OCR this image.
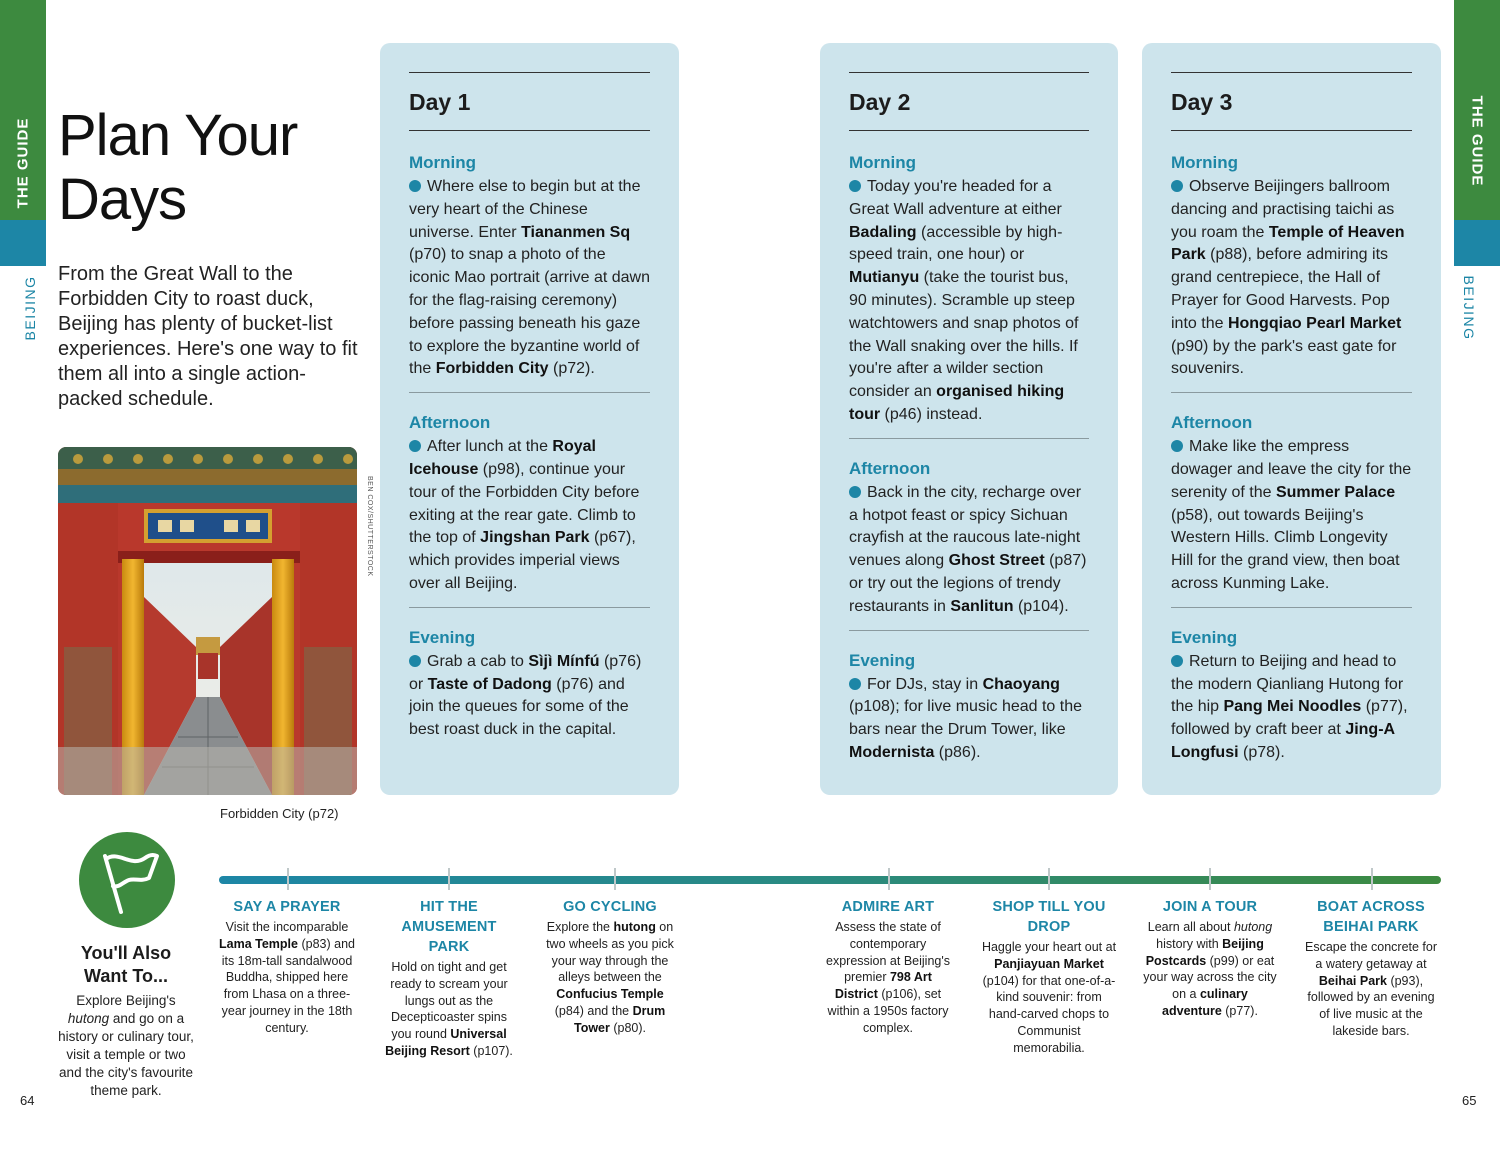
THE GUIDE
BEIJING
THE GUIDE
BEIJING
Plan Your
Days

From the Great Wall to the Forbidden City to roast duck, Beijing has plenty of bucket-list experiences. Here's one way to fit them all into a single action-packed schedule.

BEN COX/SHUTTERSTOCK
Forbidden City (p72)
Day 1
Morning
Where else to begin but at the very heart of the Chinese universe. Enter Tiananmen Sq (p70) to snap a photo of the iconic Mao portrait (arrive at dawn for the flag-raising ceremony) before passing beneath his gaze to explore the byzantine world of the Forbidden City (p72).
Afternoon
After lunch at the Royal Icehouse (p98), continue your tour of the Forbidden City before exiting at the rear gate. Climb to the top of Jingshan Park (p67), which provides imperial views over all Beijing.
Evening
Grab a cab to Sìjì Mínfú (p76) or Taste of Dadong (p76) and join the queues for some of the best roast duck in the capital.
Day 2
Morning
Today you're headed for a Great Wall adventure at either Badaling (accessible by high-speed train, one hour) or Mutianyu (take the tourist bus, 90 minutes). Scramble up steep watchtowers and snap photos of the Wall snaking over the hills. If you're after a wilder section consider an organised hiking tour (p46) instead.
Afternoon
Back in the city, recharge over a hotpot feast or spicy Sichuan crayfish at the raucous late-night venues along Ghost Street (p87) or try out the legions of trendy restaurants in Sanlitun (p104).
Evening
For DJs, stay in Chaoyang (p108); for live music head to the bars near the Drum Tower, like Modernista (p86).
Day 3
Morning
Observe Beijingers ballroom dancing and practising taichi as you roam the Temple of Heaven Park (p88), before admiring its grand centrepiece, the Hall of Prayer for Good Harvests. Pop into the Hongqiao Pearl Market (p90) by the park's east gate for souvenirs.
Afternoon
Make like the empress dowager and leave the city for the serenity of the Summer Palace (p58), out towards Beijing's Western Hills. Climb Longevity Hill for the grand view, then boat across Kunming Lake.
Evening
Return to Beijing and head to the modern Qianliang Hutong for the hip Pang Mei Noodles (p77), followed by craft beer at Jing-A Longfusi (p78).
You'll Also Want To...
Explore Beijing's hutong and go on a history or culinary tour, visit a temple or two and the city's favourite theme park.
SAY A PRAYER
Visit the incomparable Lama Temple (p83) and its 18m-tall sandalwood Buddha, shipped here from Lhasa on a three-year journey in the 18th century.
HIT THE AMUSEMENT PARK
Hold on tight and get ready to scream your lungs out as the Decepticoaster spins you round Universal Beijing Resort (p107).
GO CYCLING
Explore the hutong on two wheels as you pick your way through the alleys between the Confucius Temple (p84) and the Drum Tower (p80).
ADMIRE ART
Assess the state of contemporary expression at Beijing's premier 798 Art District (p106), set within a 1950s factory complex.
SHOP TILL YOU DROP
Haggle your heart out at Panjiayuan Market (p104) for that one-of-a-kind souvenir: from hand-carved chops to Communist memorabilia.
JOIN A TOUR
Learn all about hutong history with Beijing Postcards (p99) or eat your way across the city on a culinary adventure (p77).
BOAT ACROSS BEIHAI PARK
Escape the concrete for a watery getaway at Beihai Park (p93), followed by an evening of live music at the lakeside bars.
64	65
